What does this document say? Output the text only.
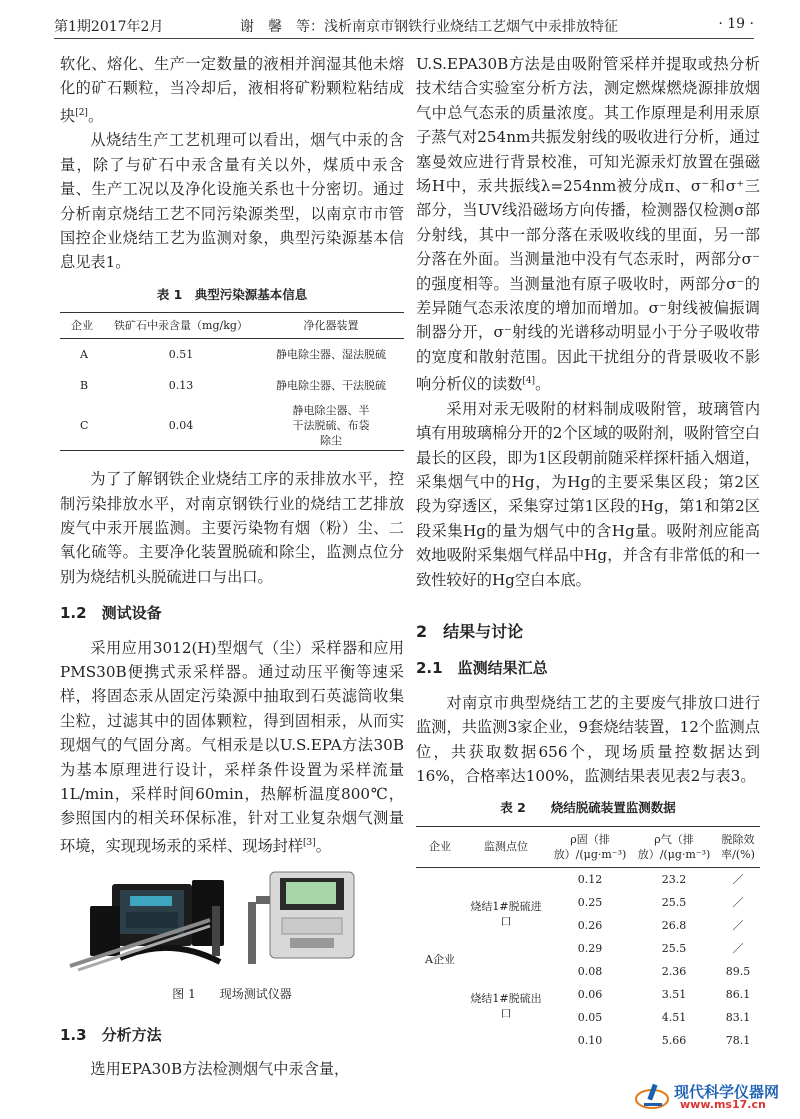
第1期2017年2月	谢　馨　等：浅析南京市钢铁行业烧结工艺烟气中汞排放特征	· 19 ·

软化、熔化、生产一定数量的液相并润湿其他未熔化的矿石颗粒，当冷却后，液相将矿粉颗粒粘结成块[2]。

从烧结生产工艺机理可以看出，烟气中汞的含量，除了与矿石中汞含量有关以外，煤质中汞含量、生产工况以及净化设施关系也十分密切。通过分析南京烧结工艺不同污染源类型，以南京市市管国控企业烧结工艺为监测对象，典型污染源基本信息见表1。

表 1　典型污染源基本信息
企业	铁矿石中汞含量（mg/kg）	净化器装置
A	0.51	静电除尘器、湿法脱硫
B	0.13	静电除尘器、干法脱硫
C	0.04	静电除尘器、半干法脱硫、布袋除尘

为了了解钢铁企业烧结工序的汞排放水平，控制污染排放水平，对南京钢铁行业的烧结工艺排放废气中汞开展监测。主要污染物有烟（粉）尘、二氧化硫等。主要净化装置脱硫和除尘，监测点位分别为烧结机头脱硫进口与出口。

1.2　测试设备

采用应用3012(H)型烟气（尘）采样器和应用PMS30B便携式汞采样器。通过动压平衡等速采样，将固态汞从固定污染源中抽取到石英滤筒收集尘粒，过滤其中的固体颗粒，得到固相汞，从而实现烟气的气固分离。气相汞是以U.S.EPA方法30B为基本原理进行设计，采样条件设置为采样流量1L/min，采样时间60min，热解析温度800℃，参照国内的相关环保标准，针对工业复杂烟气测量环境，实现现场汞的采样、现场封样[3]。

图 1　　现场测试仪器
1.3　分析方法

选用EPA30B方法检测烟气中汞含量，

U.S.EPA30B方法是由吸附管采样并提取或热分析技术结合实验室分析方法，测定燃煤燃烧源排放烟气中总气态汞的质量浓度。其工作原理是利用汞原子蒸气对254nm共振发射线的吸收进行分析，通过塞曼效应进行背景校准，可知光源汞灯放置在强磁场H中，汞共振线λ=254nm被分成π、σ⁻和σ⁺三部分，当UV线沿磁场方向传播，检测器仅检测σ部分射线，其中一部分落在汞吸收线的里面，另一部分落在外面。当测量池中没有气态汞时，两部分σ⁻的强度相等。当测量池有原子吸收时，两部分σ⁻的差异随气态汞浓度的增加而增加。σ⁻射线被偏振调制器分开，σ⁻射线的光谱移动明显小于分子吸收带的宽度和散射范围。因此干扰组分的背景吸收不影响分析仪的读数[4]。

采用对汞无吸附的材料制成吸附管，玻璃管内填有用玻璃棉分开的2个区域的吸附剂，吸附管空白最长的区段，即为1区段朝前随采样探杆插入烟道，采集烟气中的Hg，为Hg的主要采集区段；第2区段为穿透区，采集穿过第1区段的Hg，第1和第2区段采集Hg的量为烟气中的含Hg量。吸附剂应能高效地吸附采集烟气样品中Hg，并含有非常低的和一致性较好的Hg空白本底。

2　结果与讨论
2.1　监测结果汇总

对南京市典型烧结工艺的主要废气排放口进行监测，共监测3家企业，9套烧结装置，12个监测点位，共获取数据656个，现场质量控数据达到16%，合格率达100%，监测结果表见表2与表3。

表 2　　烧结脱硫装置监测数据
企业	监测点位	ρ固（排放）/(μg·m⁻³)	ρ气（排放）/(μg·m⁻³)	脱除效率/(%)
A企业	烧结1#脱硫进口	0.12	23.2	／
		0.25	25.5	／
		0.26	26.8	／
		0.29	25.5	／
	烧结1#脱硫出口	0.08	2.36	89.5
		0.06	3.51	86.1
		0.05	4.51	83.1
		0.10	5.66	78.1
现代科学仪器网
www.ms17.cn
